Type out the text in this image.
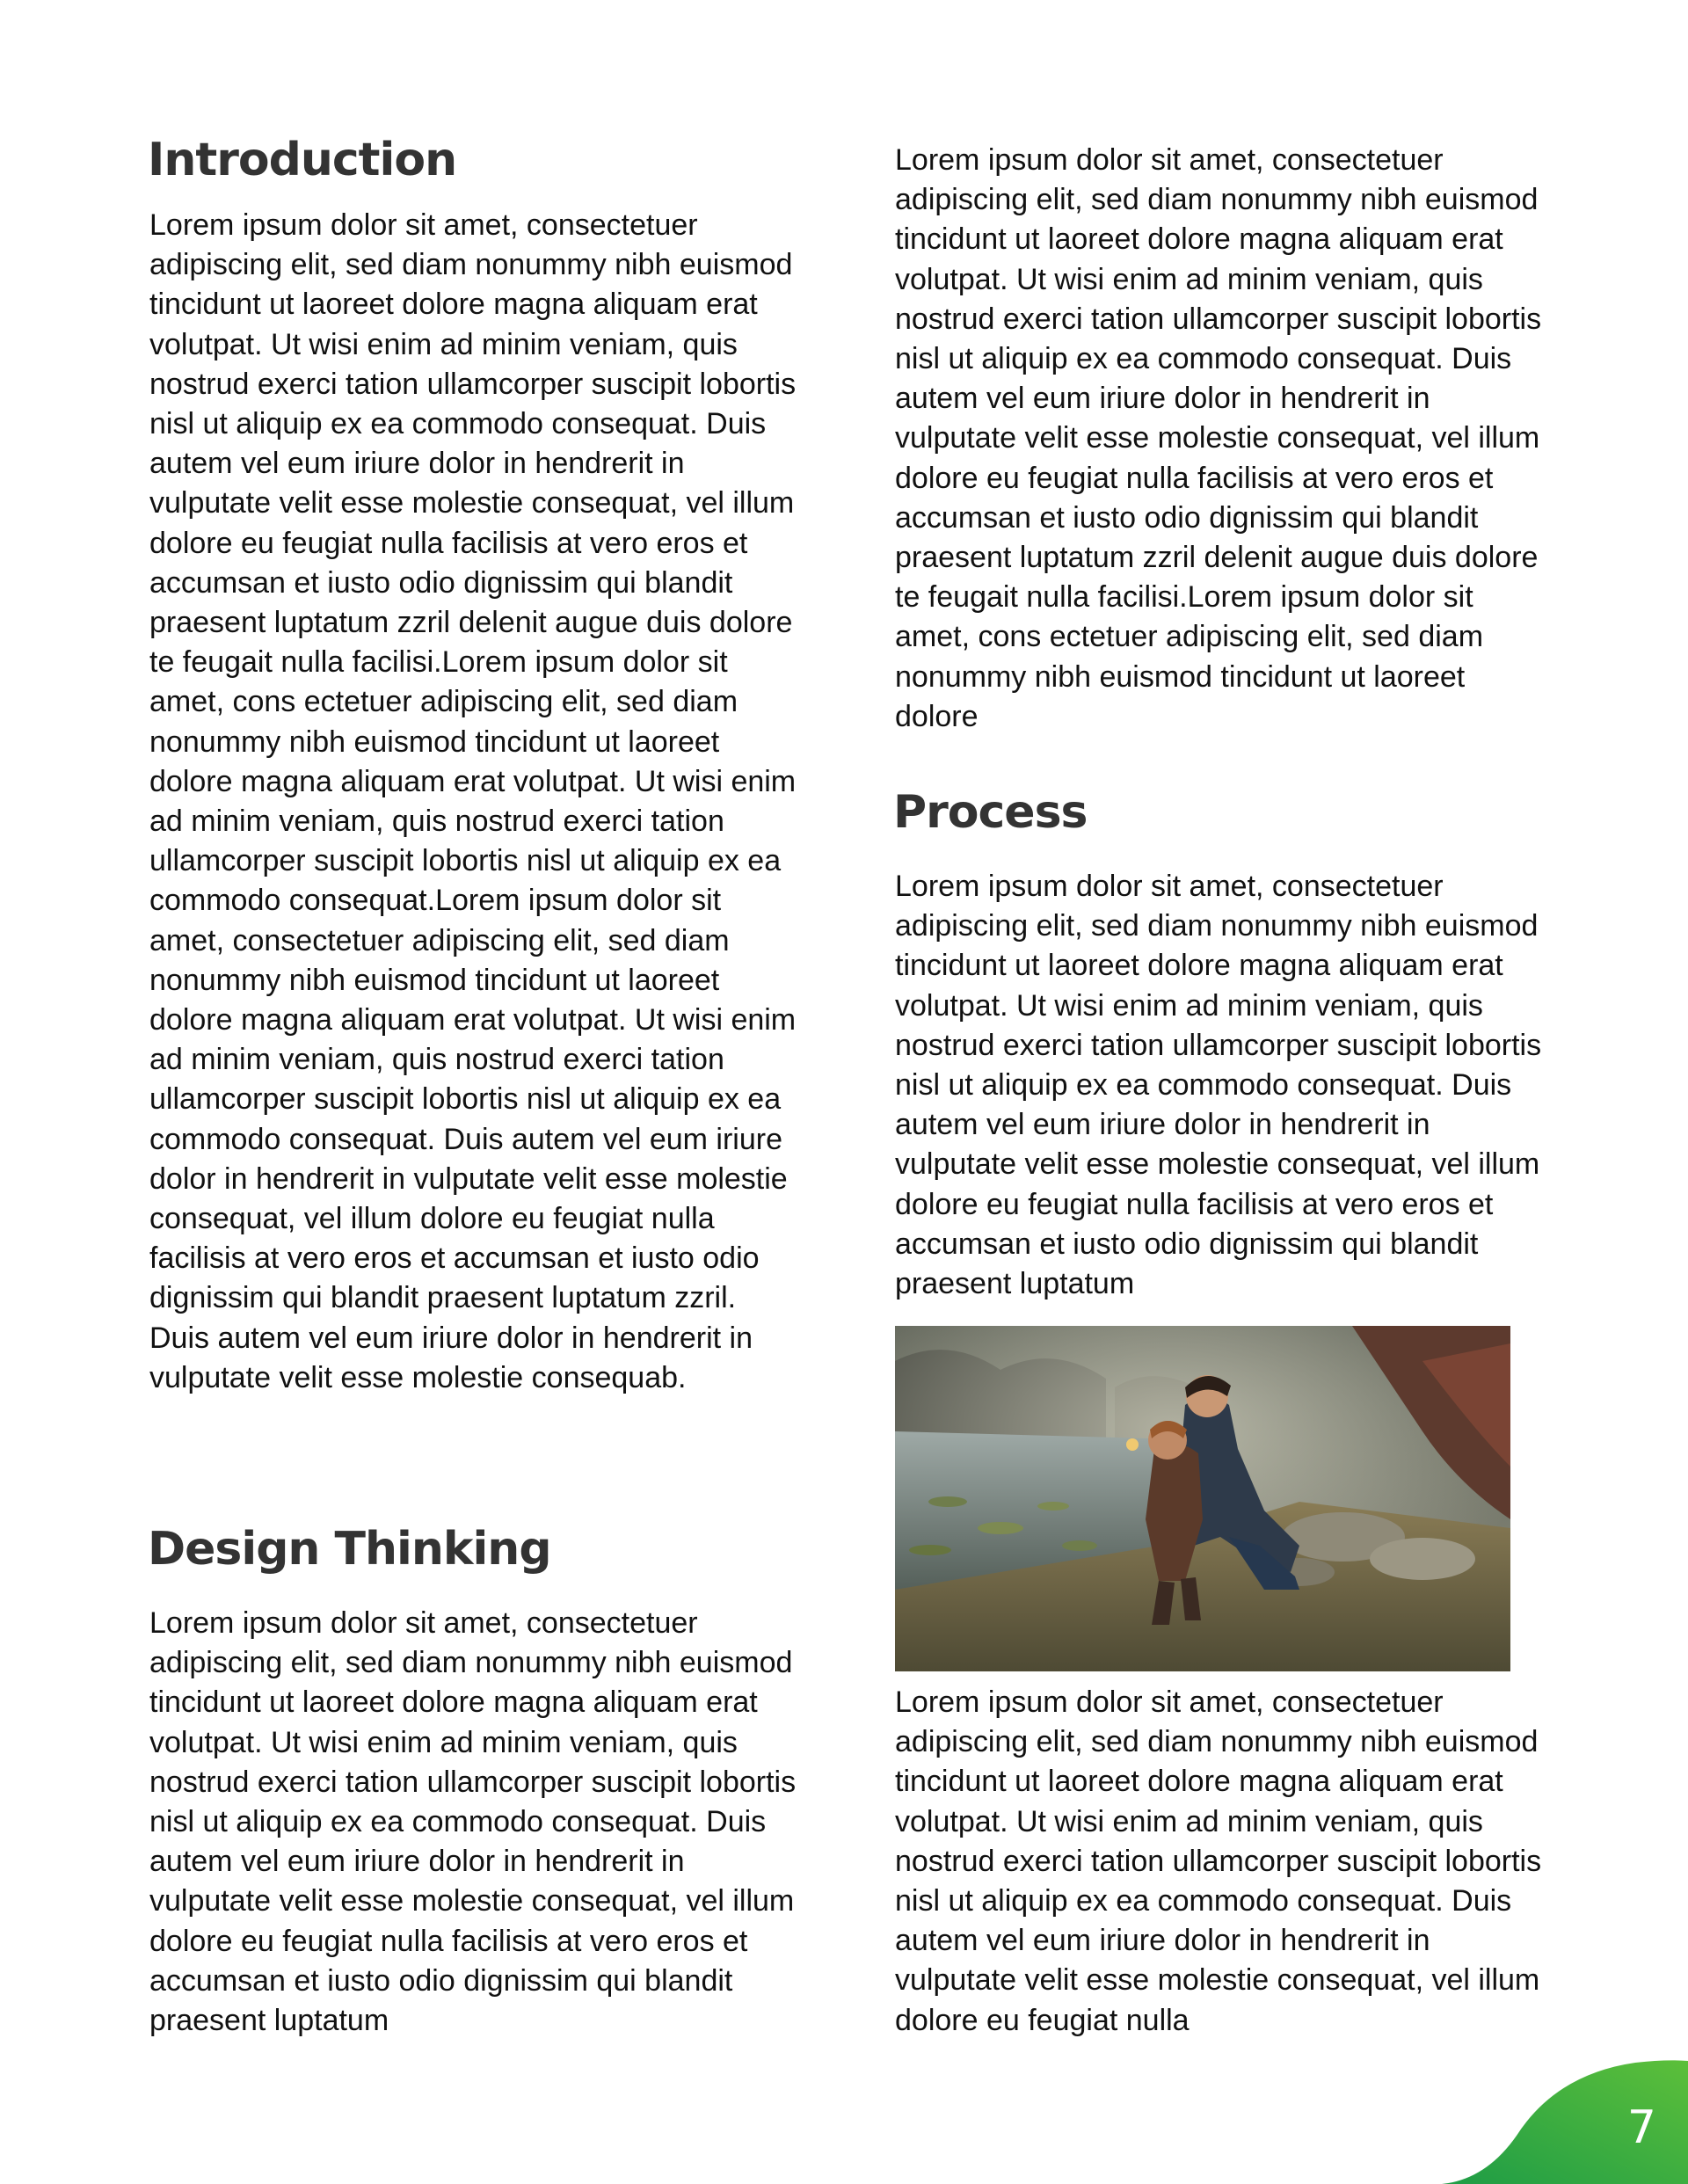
Introduction

Lorem ipsum dolor sit amet, consectetuer adipiscing elit, sed diam nonummy nibh euismod tincidunt ut laoreet dolore magna aliquam erat volutpat. Ut wisi enim ad minim veniam, quis nostrud exerci tation ullamcorper suscipit lobortis nisl ut aliquip ex ea commodo consequat. Duis autem vel eum iriure dolor in hendrerit in vulputate velit esse molestie consequat, vel illum dolore eu feugiat nulla facilisis at vero eros et accumsan et iusto odio dignissim qui blandit praesent luptatum zzril delenit augue duis dolore te feugait nulla facilisi.Lorem ipsum dolor sit amet, cons ectetuer adipiscing elit, sed diam nonummy nibh euismod tincidunt ut laoreet dolore magna aliquam erat volutpat. Ut wisi enim ad minim veniam, quis nostrud exerci tation ullamcorper suscipit lobortis nisl ut aliquip ex ea commodo consequat.Lorem ipsum dolor sit amet, consectetuer adipiscing elit, sed diam nonummy nibh euismod tincidunt ut laoreet dolore magna aliquam erat volutpat. Ut wisi enim ad minim veniam, quis nostrud exerci tation ullamcorper suscipit lobortis nisl ut aliquip ex ea commodo consequat. Duis autem vel eum iriure dolor in hendrerit in vulputate velit esse molestie consequat, vel illum dolore eu feugiat nulla facilisis at vero eros et accumsan et iusto odio dignissim qui blandit praesent luptatum zzril. Duis autem vel eum iriure dolor in hendrerit in vulputate velit esse molestie consequab.

Design Thinking

Lorem ipsum dolor sit amet, consectetuer adipiscing elit, sed diam nonummy nibh euismod tincidunt ut laoreet dolore magna aliquam erat volutpat. Ut wisi enim ad minim veniam, quis nostrud exerci tation ullamcorper suscipit lobortis nisl ut aliquip ex ea commodo consequat. Duis autem vel eum iriure dolor in hendrerit in vulputate velit esse molestie consequat, vel illum dolore eu feugiat nulla facilisis at vero eros et accumsan et iusto odio dignissim qui blandit praesent luptatum

Lorem ipsum dolor sit amet, consectetuer adipiscing elit, sed diam nonummy nibh euismod tincidunt ut laoreet dolore magna aliquam erat volutpat. Ut wisi enim ad minim veniam, quis nostrud exerci tation ullamcorper suscipit lobortis nisl ut aliquip ex ea commodo consequat. Duis autem vel eum iriure dolor in hendrerit in vulputate velit esse molestie consequat, vel illum dolore eu feugiat nulla facilisis at vero eros et accumsan et iusto odio dignissim qui blandit praesent luptatum zzril delenit augue duis dolore te feugait nulla facilisi.Lorem ipsum dolor sit amet, cons ectetuer adipiscing elit, sed diam nonummy nibh euismod tincidunt ut laoreet dolore

Process

Lorem ipsum dolor sit amet, consectetuer adipiscing elit, sed diam nonummy nibh euismod tincidunt ut laoreet dolore magna aliquam erat volutpat. Ut wisi enim ad minim veniam, quis nostrud exerci tation ullamcorper suscipit lobortis nisl ut aliquip ex ea commodo consequat. Duis autem vel eum iriure dolor in hendrerit in vulputate velit esse molestie consequat, vel illum dolore eu feugiat nulla facilisis at vero eros et accumsan et iusto odio dignissim qui blandit praesent luptatum

Lorem ipsum dolor sit amet, consectetuer adipiscing elit, sed diam nonummy nibh euismod tincidunt ut laoreet dolore magna aliquam erat volutpat. Ut wisi enim ad minim veniam, quis nostrud exerci tation ullamcorper suscipit lobortis nisl ut aliquip ex ea commodo consequat. Duis autem vel eum iriure dolor in hendrerit in vulputate velit esse molestie consequat, vel illum dolore eu feugiat nulla

7
